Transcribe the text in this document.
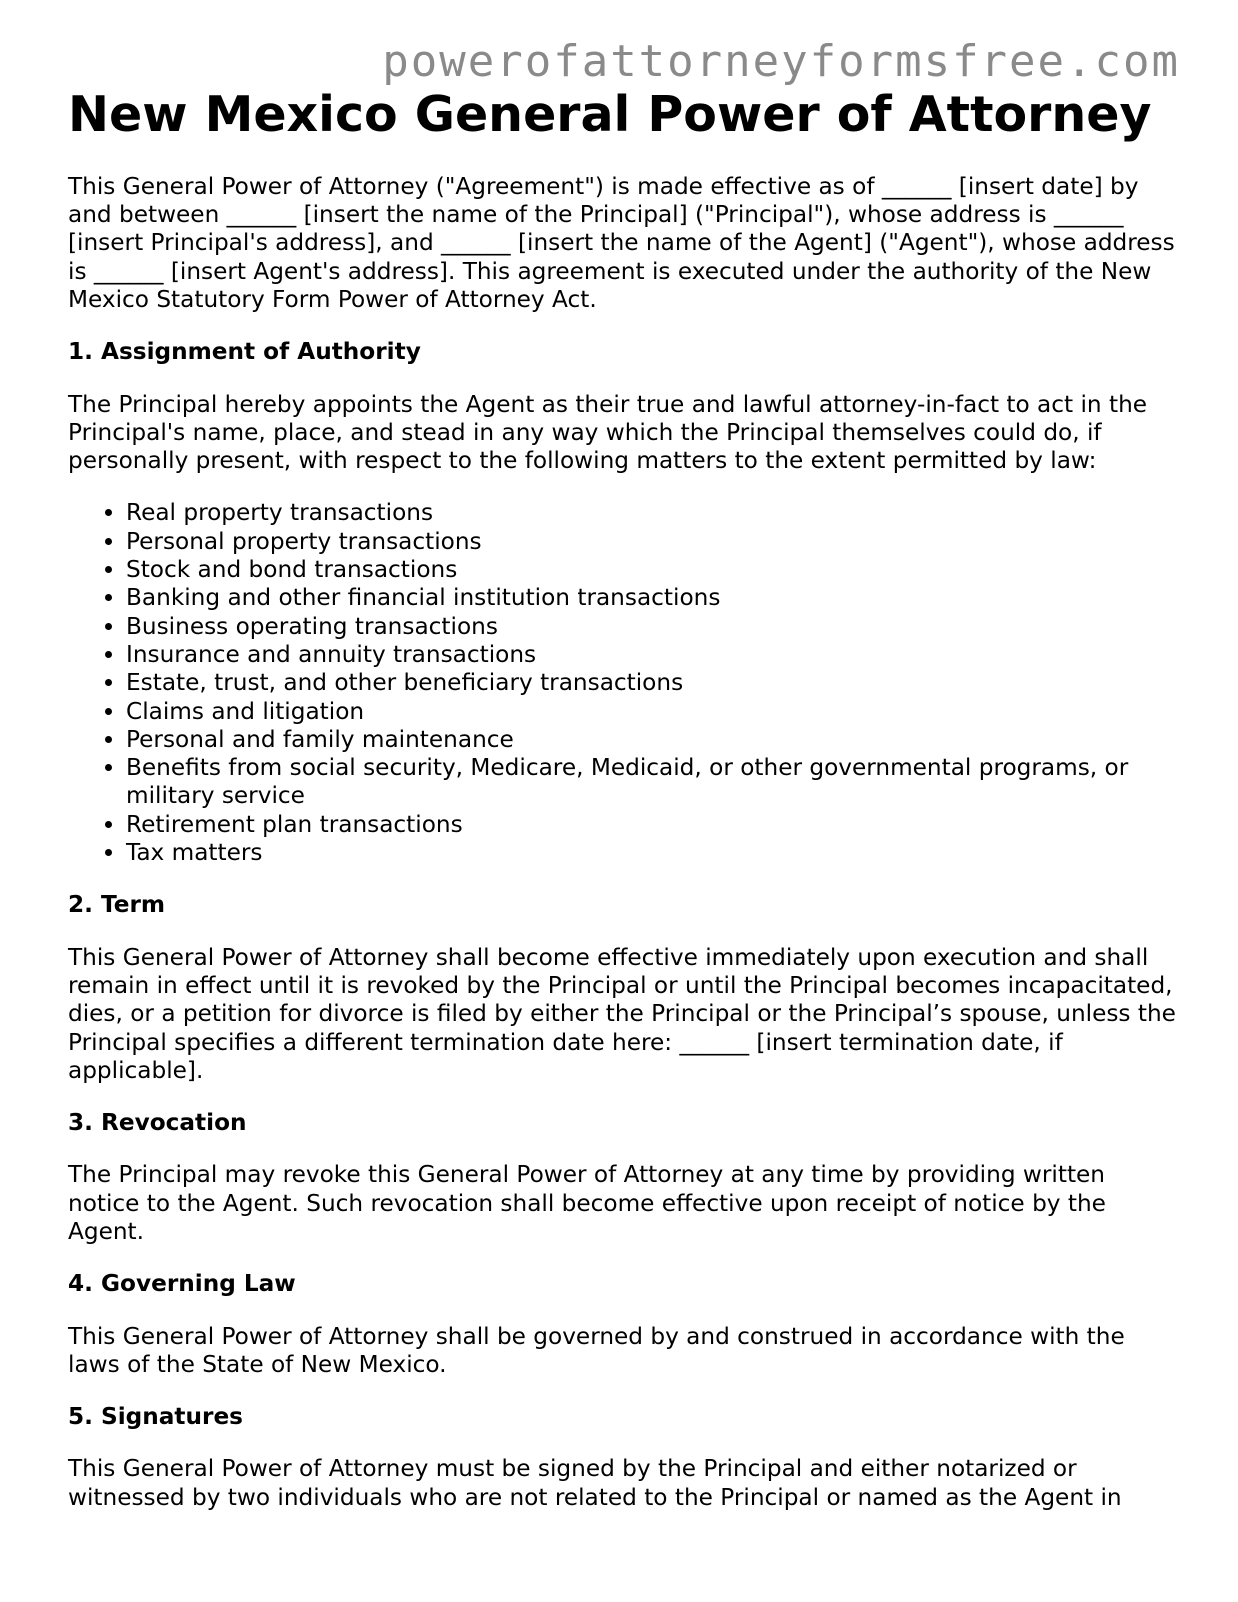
powerofattorneyformsfree.com
New Mexico General Power of Attorney

This General Power of Attorney ("Agreement") is made effective as of ______ [insert date] by and between ______ [insert the name of the Principal] ("Principal"), whose address is ______ [insert Principal's address], and ______ [insert the name of the Agent] ("Agent"), whose address is ______ [insert Agent's address]. This agreement is executed under the authority of the New Mexico Statutory Form Power of Attorney Act.

1. Assignment of Authority

The Principal hereby appoints the Agent as their true and lawful attorney-in-fact to act in the Principal's name, place, and stead in any way which the Principal themselves could do, if personally present, with respect to the following matters to the extent permitted by law:

• Real property transactions
• Personal property transactions
• Stock and bond transactions
• Banking and other financial institution transactions
• Business operating transactions
• Insurance and annuity transactions
• Estate, trust, and other beneficiary transactions
• Claims and litigation
• Personal and family maintenance
• Benefits from social security, Medicare, Medicaid, or other governmental programs, or military service
• Retirement plan transactions
• Tax matters
2. Term

This General Power of Attorney shall become effective immediately upon execution and shall remain in effect until it is revoked by the Principal or until the Principal becomes incapacitated, dies, or a petition for divorce is filed by either the Principal or the Principal’s spouse, unless the Principal specifies a different termination date here: ______ [insert termination date, if applicable].

3. Revocation

The Principal may revoke this General Power of Attorney at any time by providing written notice to the Agent. Such revocation shall become effective upon receipt of notice by the Agent.

4. Governing Law

This General Power of Attorney shall be governed by and construed in accordance with the laws of the State of New Mexico.

5. Signatures

This General Power of Attorney must be signed by the Principal and either notarized or witnessed by two individuals who are not related to the Principal or named as the Agent in
